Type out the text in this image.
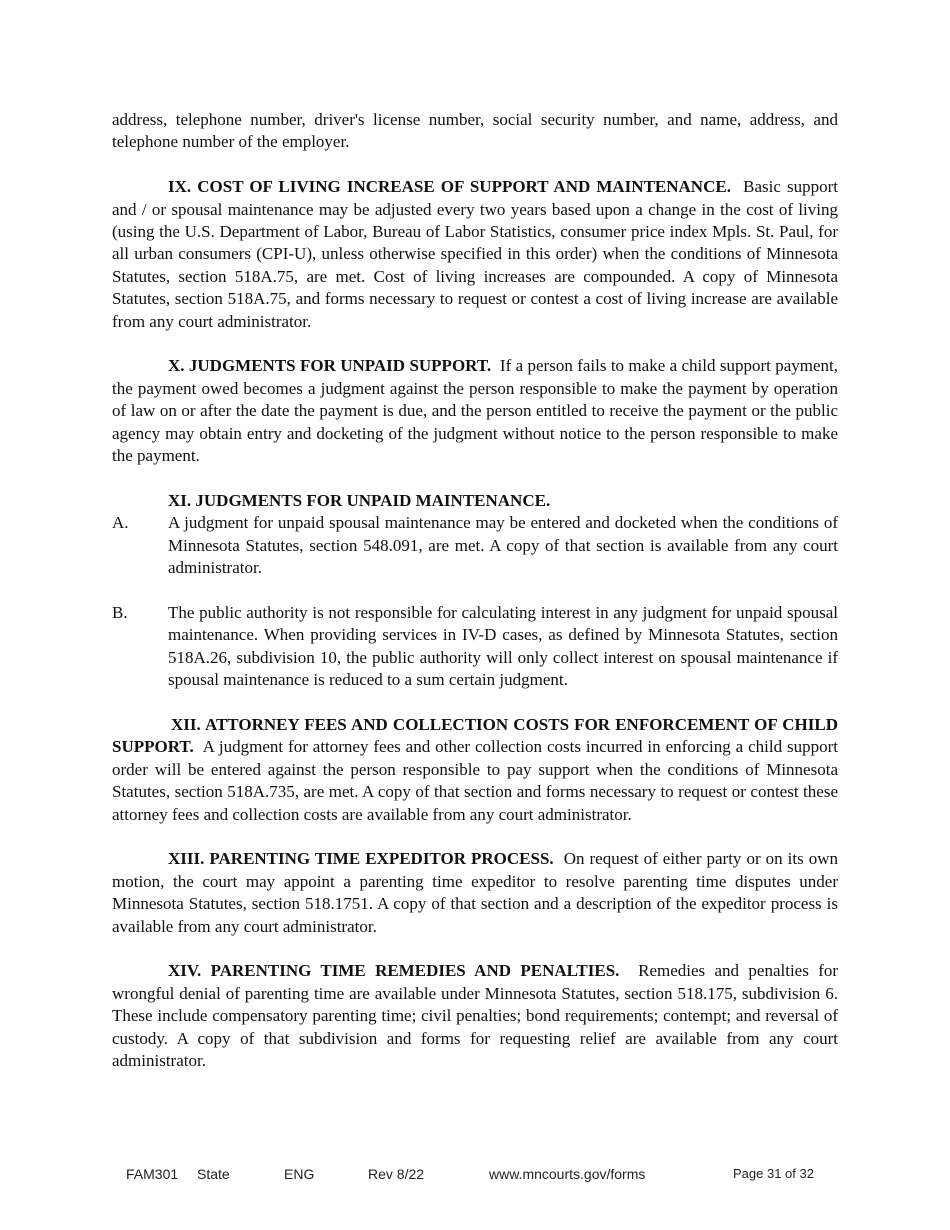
address, telephone number, driver's license number, social security number, and name, address, and telephone number of the employer.

IX. COST OF LIVING INCREASE OF SUPPORT AND MAINTENANCE. Basic support and / or spousal maintenance may be adjusted every two years based upon a change in the cost of living (using the U.S. Department of Labor, Bureau of Labor Statistics, consumer price index Mpls. St. Paul, for all urban consumers (CPI-U), unless otherwise specified in this order) when the conditions of Minnesota Statutes, section 518A.75, are met. Cost of living increases are compounded. A copy of Minnesota Statutes, section 518A.75, and forms necessary to request or contest a cost of living increase are available from any court administrator.

X. JUDGMENTS FOR UNPAID SUPPORT. If a person fails to make a child support payment, the payment owed becomes a judgment against the person responsible to make the payment by operation of law on or after the date the payment is due, and the person entitled to receive the payment or the public agency may obtain entry and docketing of the judgment without notice to the person responsible to make the payment.

XI. JUDGMENTS FOR UNPAID MAINTENANCE.

A.	A judgment for unpaid spousal maintenance may be entered and docketed when the conditions of Minnesota Statutes, section 548.091, are met. A copy of that section is available from any court administrator.
B.	The public authority is not responsible for calculating interest in any judgment for unpaid spousal maintenance. When providing services in IV-D cases, as defined by Minnesota Statutes, section 518A.26, subdivision 10, the public authority will only collect interest on spousal maintenance if spousal maintenance is reduced to a sum certain judgment.

XII. ATTORNEY FEES AND COLLECTION COSTS FOR ENFORCEMENT OF CHILD SUPPORT. A judgment for attorney fees and other collection costs incurred in enforcing a child support order will be entered against the person responsible to pay support when the conditions of Minnesota Statutes, section 518A.735, are met. A copy of that section and forms necessary to request or contest these attorney fees and collection costs are available from any court administrator.

XIII. PARENTING TIME EXPEDITOR PROCESS. On request of either party or on its own motion, the court may appoint a parenting time expeditor to resolve parenting time disputes under Minnesota Statutes, section 518.1751. A copy of that section and a description of the expeditor process is available from any court administrator.

XIV. PARENTING TIME REMEDIES AND PENALTIES. Remedies and penalties for wrongful denial of parenting time are available under Minnesota Statutes, section 518.175, subdivision 6. These include compensatory parenting time; civil penalties; bond requirements; contempt; and reversal of custody. A copy of that subdivision and forms for requesting relief are available from any court administrator.

FAM301 State	ENG	Rev 8/22	www.mncourts.gov/forms	Page 31 of 32
